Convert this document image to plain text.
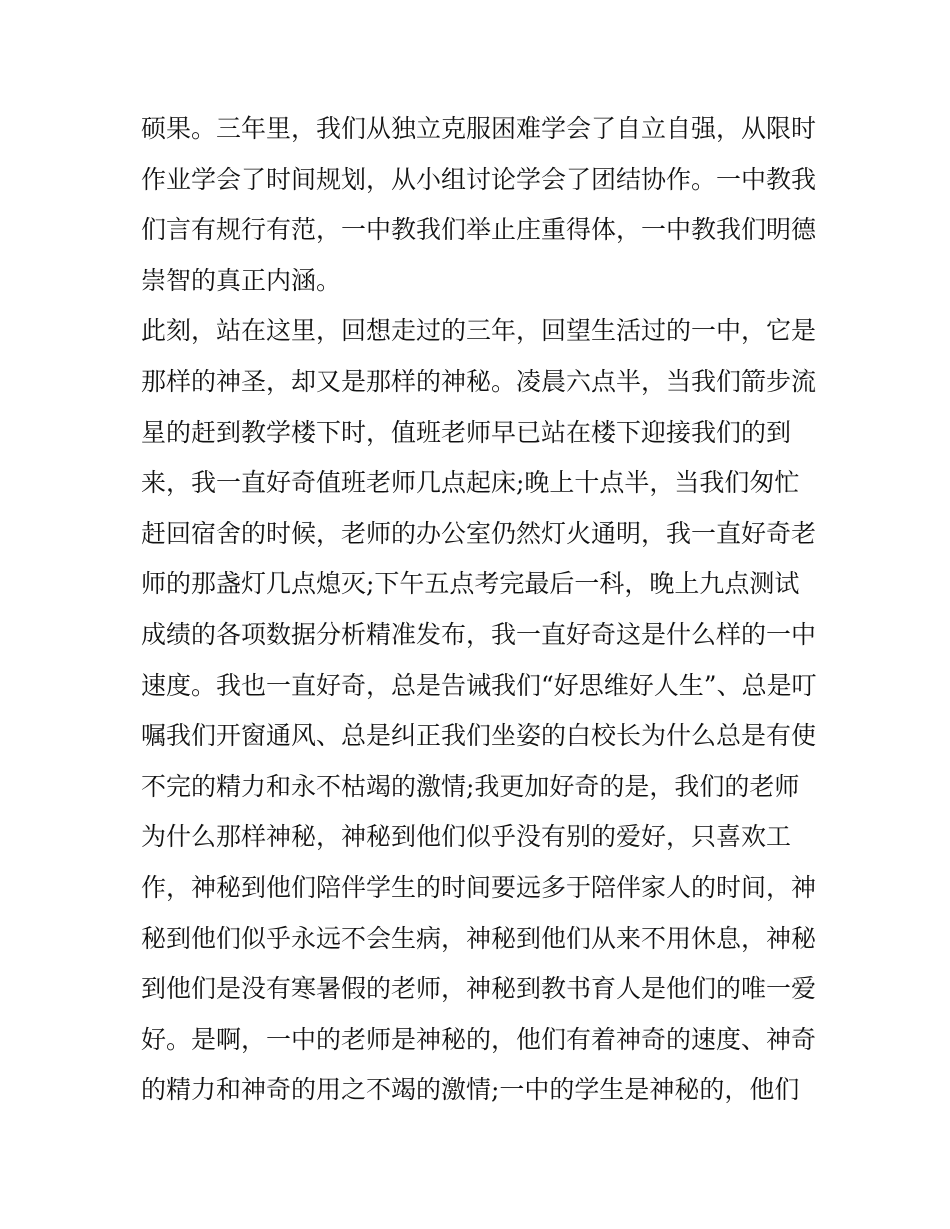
硕果。三年里，我们从独立克服困难学会了自立自强，从限时
作业学会了时间规划，从小组讨论学会了团结协作。一中教我
们言有规行有范，一中教我们举止庄重得体，一中教我们明德
崇智的真正内涵。
此刻，站在这里，回想走过的三年，回望生活过的一中，它是
那样的神圣，却又是那样的神秘。凌晨六点半，当我们箭步流
星的赶到教学楼下时，值班老师早已站在楼下迎接我们的到
来，我一直好奇值班老师几点起床;晚上十点半，当我们匆忙
赶回宿舍的时候，老师的办公室仍然灯火通明，我一直好奇老
师的那盏灯几点熄灭;下午五点考完最后一科，晚上九点测试
成绩的各项数据分析精准发布，我一直好奇这是什么样的一中
速度。我也一直好奇，总是告诫我们“好思维好人生”、总是叮
嘱我们开窗通风、总是纠正我们坐姿的白校长为什么总是有使
不完的精力和永不枯竭的激情;我更加好奇的是，我们的老师
为什么那样神秘，神秘到他们似乎没有别的爱好，只喜欢工
作，神秘到他们陪伴学生的时间要远多于陪伴家人的时间，神
秘到他们似乎永远不会生病，神秘到他们从来不用休息，神秘
到他们是没有寒暑假的老师，神秘到教书育人是他们的唯一爱
好。是啊，一中的老师是神秘的，他们有着神奇的速度、神奇
的精力和神奇的用之不竭的激情;一中的学生是神秘的，他们
